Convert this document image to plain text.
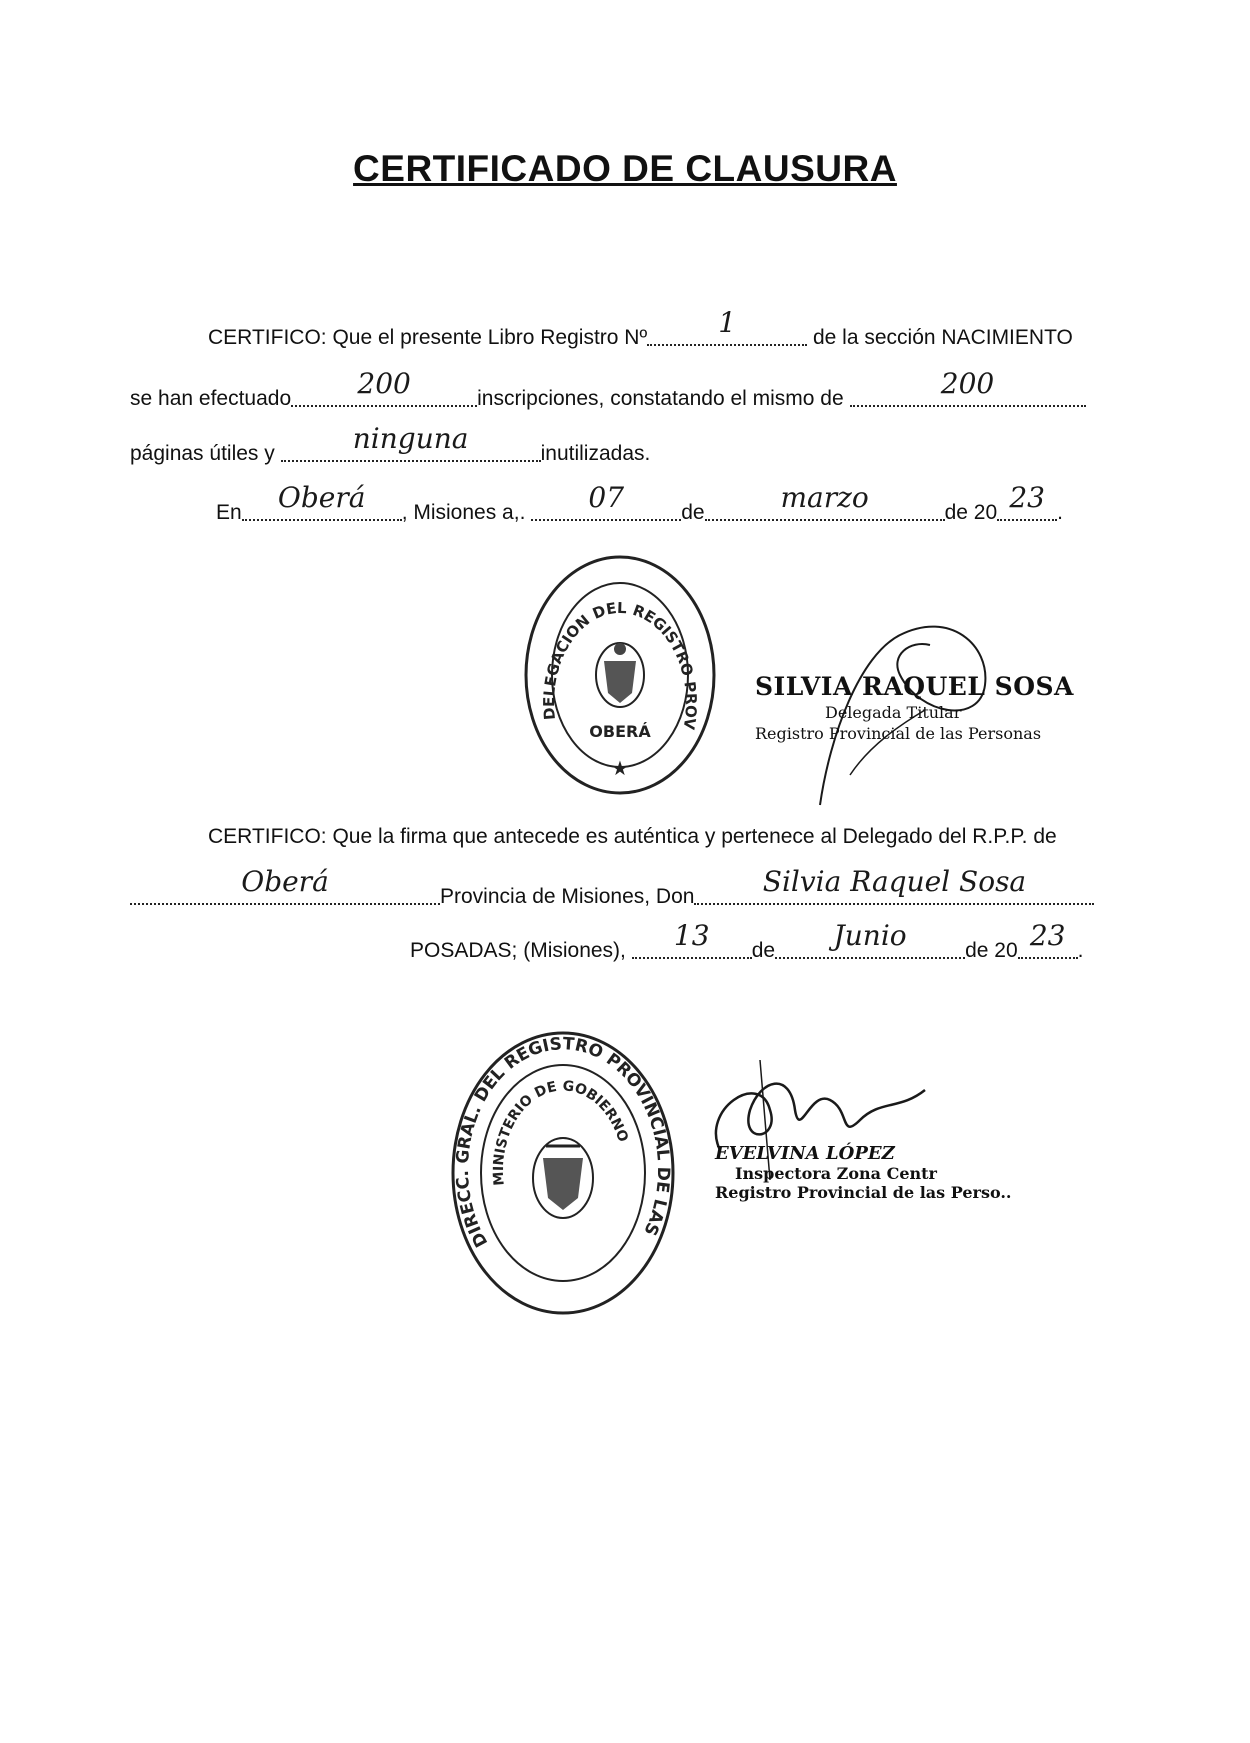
CERTIFICADO DE CLAUSURA
CERTIFICO: Que el presente Libro Registro Nº	1	de la sección NACIMIENTO
se han efectuado 200	inscripciones, constatando el mismo de	200
páginas útiles y	ninguna	inutilizadas.
En Oberá , Misiones a,. 07	de	marzo	de 20 23 .
DELEGACION DEL REGISTRO PROV
OBERÁ
★
SILVIA RAQUEL SOSA
Delegada Titular
Registro Provincial de las Personas
CERTIFICO: Que la firma que antecede es auténtica y pertenece al Delegado del R.P.P. de
Oberá	Provincia de Misiones, Don Silvia Raquel Sosa
POSADAS; (Misiones), 13 de Junio	de 20 23 .
DIRECC. GRAL. DEL REGISTRO PROVINCIAL DE LAS
MINISTERIO DE GOBIERNO
EVELVINA LÓPEZ
Inspectora Zona Centr
Registro Provincial de las Perso..
